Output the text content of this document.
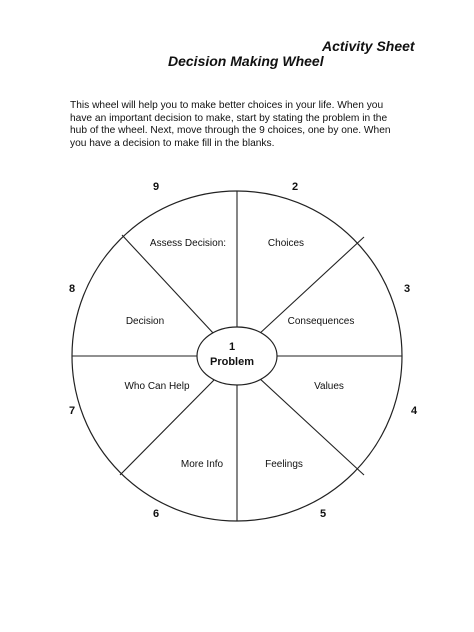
Activity Sheet
Decision Making Wheel

This wheel will help you to make better choices in your life. When you have an important decision to make, start by stating the problem in the hub of the wheel. Next, move through the 9 choices, one by one. When you have a decision to make fill in the blanks.

1
Problem
Choices
Consequences
Values
Feelings
More Info
Who Can Help
Decision
Assess Decision:
2
3
4
5
6
7
8
9
